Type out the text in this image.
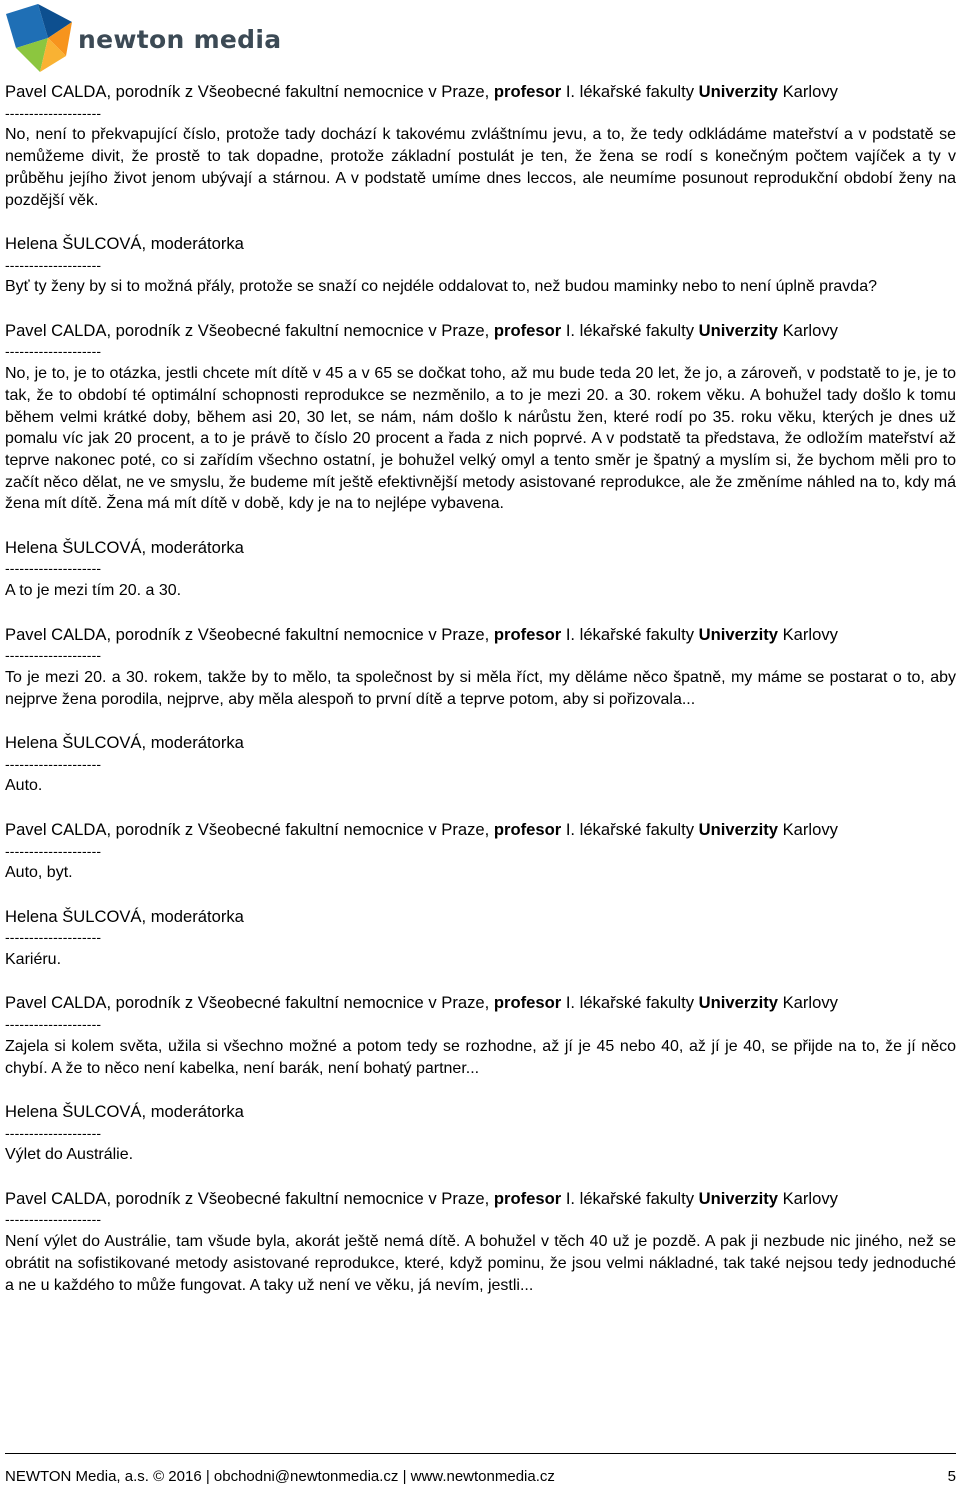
newton media

Pavel CALDA, porodník z Všeobecné fakultní nemocnice v Praze, profesor I. lékařské fakulty Univerzity Karlovy

--------------------

No, není to překvapující číslo, protože tady dochází k takovému zvláštnímu jevu, a to, že tedy odkládáme mateřství a v podstatě se nemůžeme divit, že prostě to tak dopadne, protože základní postulát je ten, že žena se rodí s konečným počtem vajíček a ty v průběhu jejího život jenom ubývají a stárnou. A v podstatě umíme dnes leccos, ale neumíme posunout reprodukční období ženy na pozdější věk.

Helena ŠULCOVÁ, moderátorka

--------------------

Byť ty ženy by si to možná přály, protože se snaží co nejdéle oddalovat to, než budou maminky nebo to není úplně pravda?

Pavel CALDA, porodník z Všeobecné fakultní nemocnice v Praze, profesor I. lékařské fakulty Univerzity Karlovy

--------------------

No, je to, je to otázka, jestli chcete mít dítě v 45 a v 65 se dočkat toho, až mu bude teda 20 let, že jo, a zároveň, v podstatě to je, je to tak, že to období té optimální schopnosti reprodukce se nezměnilo, a to je mezi 20. a 30. rokem věku. A bohužel tady došlo k tomu během velmi krátké doby, během asi 20, 30 let, se nám, nám došlo k nárůstu žen, které rodí po 35. roku věku, kterých je dnes už pomalu víc jak 20 procent, a to je právě to číslo 20 procent a řada z nich poprvé. A v podstatě ta představa, že odložím mateřství až teprve nakonec poté, co si zařídím všechno ostatní, je bohužel velký omyl a tento směr je špatný a myslím si, že bychom měli pro to začít něco dělat, ne ve smyslu, že budeme mít ještě efektivnější metody asistované reprodukce, ale že změníme náhled na to, kdy má žena mít dítě. Žena má mít dítě v době, kdy je na to nejlépe vybavena.

Helena ŠULCOVÁ, moderátorka

--------------------

A to je mezi tím 20. a 30.

Pavel CALDA, porodník z Všeobecné fakultní nemocnice v Praze, profesor I. lékařské fakulty Univerzity Karlovy

--------------------

To je mezi 20. a 30. rokem, takže by to mělo, ta společnost by si měla říct, my děláme něco špatně, my máme se postarat o to, aby nejprve žena porodila, nejprve, aby měla alespoň to první dítě a teprve potom, aby si pořizovala...

Helena ŠULCOVÁ, moderátorka

--------------------

Auto.

Pavel CALDA, porodník z Všeobecné fakultní nemocnice v Praze, profesor I. lékařské fakulty Univerzity Karlovy

--------------------

Auto, byt.

Helena ŠULCOVÁ, moderátorka

--------------------

Kariéru.

Pavel CALDA, porodník z Všeobecné fakultní nemocnice v Praze, profesor I. lékařské fakulty Univerzity Karlovy

--------------------

Zajela si kolem světa, užila si všechno možné a potom tedy se rozhodne, až jí je 45 nebo 40, až jí je 40, se přijde na to, že jí něco chybí. A že to něco není kabelka, není barák, není bohatý partner...

Helena ŠULCOVÁ, moderátorka

--------------------

Výlet do Austrálie.

Pavel CALDA, porodník z Všeobecné fakultní nemocnice v Praze, profesor I. lékařské fakulty Univerzity Karlovy

--------------------

Není výlet do Austrálie, tam všude byla, akorát ještě nemá dítě. A bohužel v těch 40 už je pozdě. A pak ji nezbude nic jiného, než se obrátit na sofistikované metody asistované reprodukce, které, když pominu, že jsou velmi nákladné, tak také nejsou tedy jednoduché a ne u každého to může fungovat. A taky už není ve věku, já nevím, jestli...

NEWTON Media, a.s. © 2016 | obchodni@newtonmedia.cz | www.newtonmedia.cz	5
